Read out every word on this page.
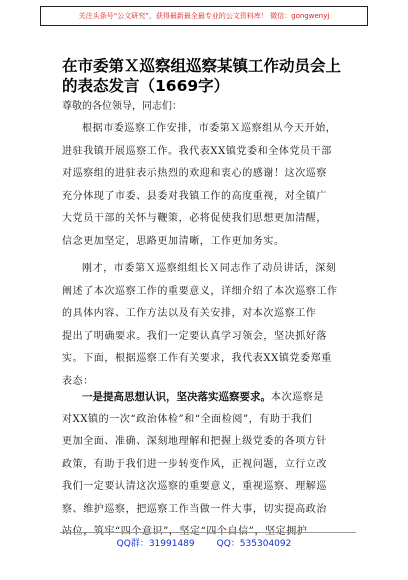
关注头条号“公文研究”，获得最新最全最专业的公文资料库！ 微信：gongwenyj
在市委第Ｘ巡察组巡察某镇工作动员会上
的表态发言（1669字）
尊敬的各位领导，同志们：
根据市委巡察工作安排，市委第Ｘ巡察组从今天开始，
进驻我镇开展巡察工作。我代表XX镇党委和全体党员干部
对巡察组的进驻表示热烈的欢迎和衷心的感谢！这次巡察
充分体现了市委、县委对我镇工作的高度重视，对全镇广
大党员干部的关怀与鞭策，必将促使我们思想更加清醒，
信念更加坚定，思路更加清晰，工作更加务实。
刚才，市委第Ｘ巡察组组长Ｘ同志作了动员讲话，深刻
阐述了本次巡察工作的重要意义，详细介绍了本次巡察工作
的具体内容、工作方法以及有关安排，对本次巡察工作
提出了明确要求。我们一定要认真学习领会，坚决抓好落
实。下面，根据巡察工作有关要求，我代表XX镇党委郑重
表态：
一是提高思想认识，坚决落实巡察要求。本次巡察是
对XX镇的一次“政治体检”和“全面检阅”，有助于我们
更加全面、准确、深刻地理解和把握上级党委的各项方针
政策，有助于我们进一步转变作风，正视问题，立行立改
我们一定要认清这次巡察的重要意义，重视巡察、理解巡
察、维护巡察，把巡察工作当做一件大事，切实提高政治
QQ群：31991489 QQ：535304092
